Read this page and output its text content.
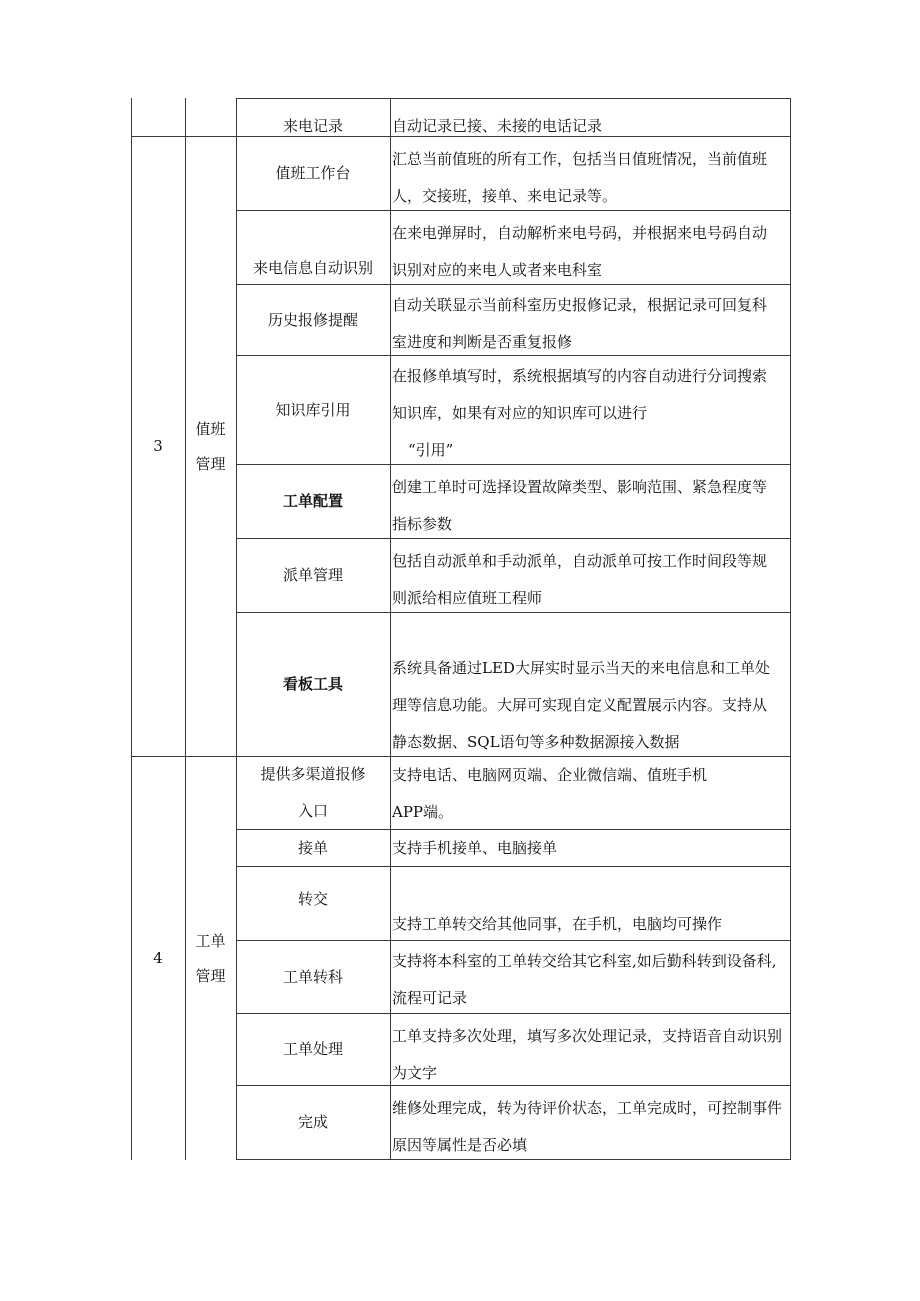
来电记录	自动记录已接、未接的电话记录
3
值班
管理
值班工作台
汇总当前值班的所有工作，包括当日值班情况，当前值班
人，交接班，接单、来电记录等。
来电信息自动识别
在来电弹屏时，自动解析来电号码，并根据来电号码自动
识别对应的来电人或者来电科室
历史报修提醒
自动关联显示当前科室历史报修记录，根据记录可回复科
室进度和判断是否重复报修
知识库引用
在报修单填写时，系统根据填写的内容自动进行分词搜索
知识库，如果有对应的知识库可以进行
“引用”
工单配置
创建工单时可选择设置故障类型、影响范围、紧急程度等
指标参数
派单管理
包括自动派单和手动派单，自动派单可按工作时间段等规
则派给相应值班工程师
看板工具
系统具备通过LED大屏实时显示当天的来电信息和工单处
理等信息功能。大屏可实现自定义配置展示内容。支持从
静态数据、SQL语句等多种数据源接入数据
4
工单
管理
提供多渠道报修
入口
支持电话、电脑网页端、企业微信端、值班手机
APP端。
接单	支持手机接单、电脑接单
转交
支持工单转交给其他同事，在手机，电脑均可操作
工单转科
支持将本科室的工单转交给其它科室,如后勤科转到设备科,
流程可记录
工单处理
工单支持多次处理，填写多次处理记录，支持语音自动识别
为文字
完成
维修处理完成，转为待评价状态，工单完成时，可控制事件
原因等属性是否必填
